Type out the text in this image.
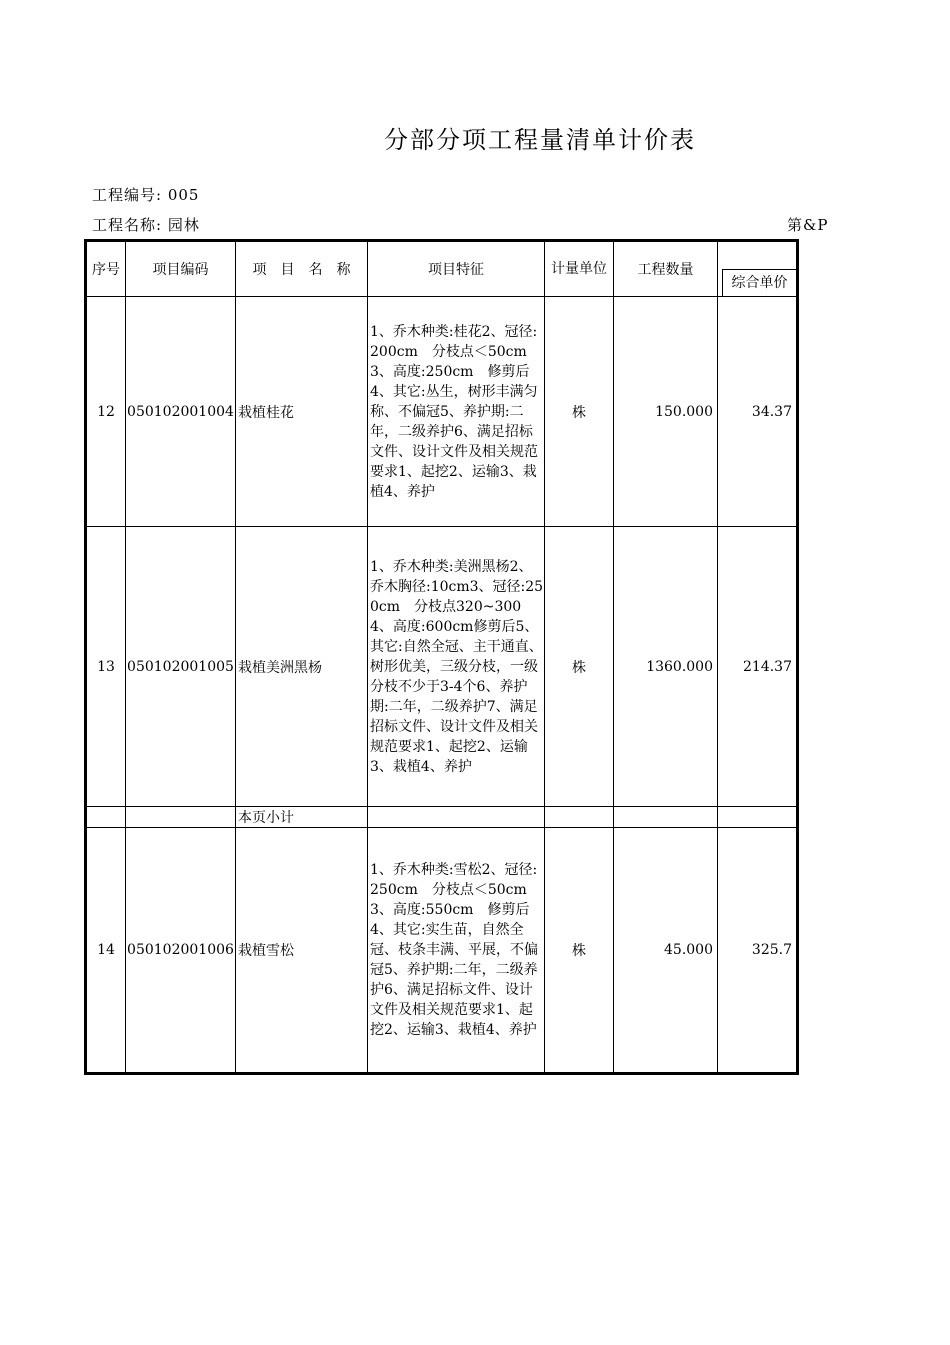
分部分项工程量清单计价表
工程编号: 005
工程名称: 园林	第&P
序号	项目编码	项　目　名　称	项目特征	计量单位	工程数量	综合单价

12	050102001004	栽植桂花	1、乔木种类:桂花2、冠径:200cm　分枝点＜50cm3、高度:250cm　修剪后4、其它:丛生，树形丰满匀称、不偏冠5、养护期:二年，二级养护6、满足招标文件、设计文件及相关规范要求1、起挖2、运输3、栽植4、养护	株	150.000	34.37
13	050102001005	栽植美洲黑杨	1、乔木种类:美洲黑杨2、乔木胸径:10cm3、冠径:250cm　分枝点320~3004、高度:600cm修剪后5、其它:自然全冠、主干通直、树形优美，三级分枝，一级分枝不少于3-4个6、养护期:二年，二级养护7、满足招标文件、设计文件及相关规范要求1、起挖2、运输3、栽植4、养护	株	1360.000	214.37
		本页小计				
14	050102001006	栽植雪松	1、乔木种类:雪松2、冠径:250cm　分枝点＜50cm3、高度:550cm　修剪后4、其它:实生苗，自然全冠、枝条丰满、平展，不偏冠5、养护期:二年，二级养护6、满足招标文件、设计文件及相关规范要求1、起挖2、运输3、栽植4、养护	株	45.000	325.7
